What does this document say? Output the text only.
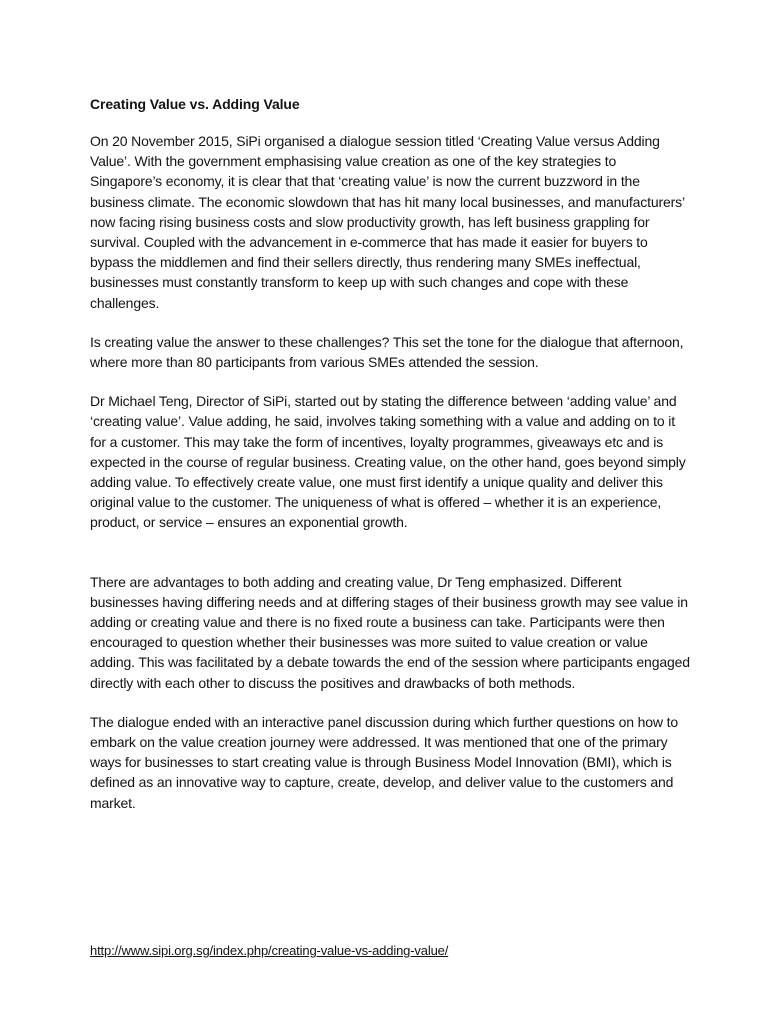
Creating Value vs. Adding Value

On 20 November 2015, SiPi organised a dialogue session titled ‘Creating Value versus Adding Value’. With the government emphasising value creation as one of the key strategies to Singapore’s economy, it is clear that that ‘creating value’ is now the current buzzword in the business climate. The economic slowdown that has hit many local businesses, and manufacturers’ now facing rising business costs and slow productivity growth, has left business grappling for survival. Coupled with the advancement in e-commerce that has made it easier for buyers to bypass the middlemen and find their sellers directly, thus rendering many SMEs ineffectual, businesses must constantly transform to keep up with such changes and cope with these challenges.

Is creating value the answer to these challenges? This set the tone for the dialogue that afternoon, where more than 80 participants from various SMEs attended the session.

Dr Michael Teng, Director of SiPi, started out by stating the difference between ‘adding value’ and ‘creating value’. Value adding, he said, involves taking something with a value and adding on to it for a customer. This may take the form of incentives, loyalty programmes, giveaways etc and is expected in the course of regular business. Creating value, on the other hand, goes beyond simply adding value. To effectively create value, one must first identify a unique quality and deliver this original value to the customer. The uniqueness of what is offered – whether it is an experience, product, or service – ensures an exponential growth.

There are advantages to both adding and creating value, Dr Teng emphasized. Different businesses having differing needs and at differing stages of their business growth may see value in adding or creating value and there is no fixed route a business can take. Participants were then encouraged to question whether their businesses was more suited to value creation or value adding. This was facilitated by a debate towards the end of the session where participants engaged directly with each other to discuss the positives and drawbacks of both methods.

The dialogue ended with an interactive panel discussion during which further questions on how to embark on the value creation journey were addressed. It was mentioned that one of the primary ways for businesses to start creating value is through Business Model Innovation (BMI), which is defined as an innovative way to capture, create, develop, and deliver value to the customers and market.

http://www.sipi.org.sg/index.php/creating-value-vs-adding-value/
